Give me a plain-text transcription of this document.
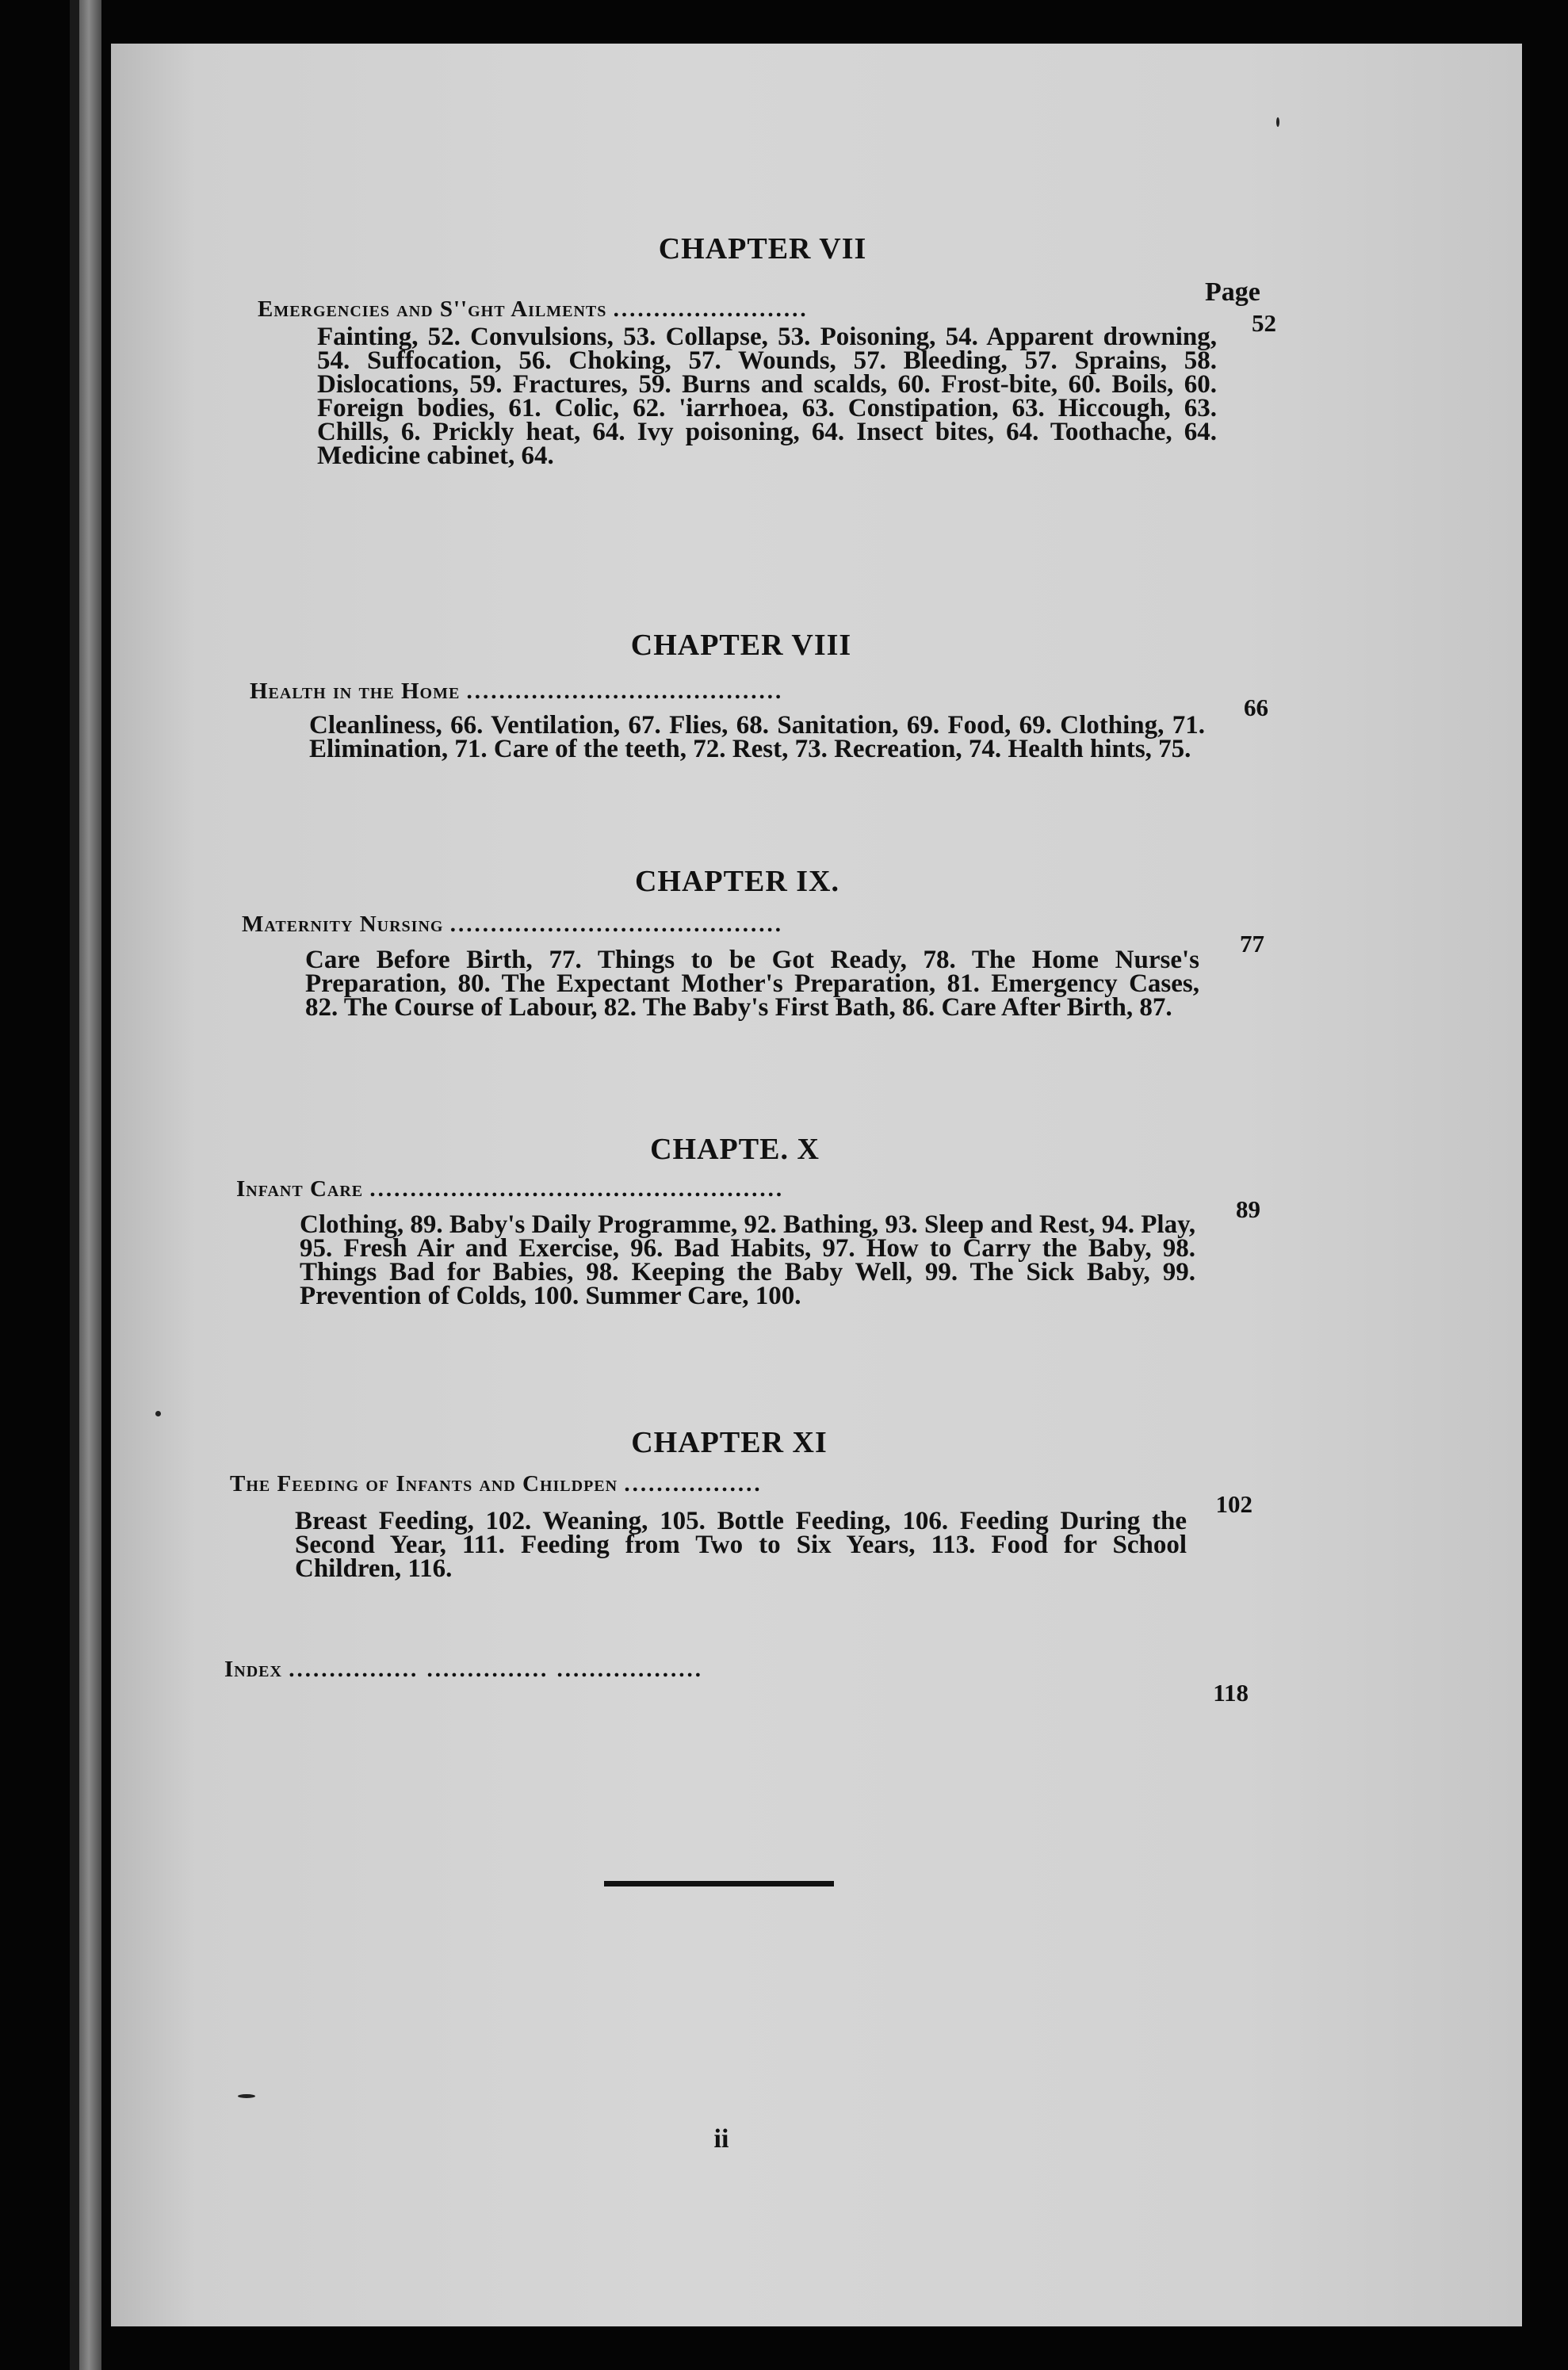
Page
CHAPTER VII
Emergencies and S''ght Ailments ........................	52
Fainting, 52. Convulsions, 53. Collapse, 53. Poisoning, 54. Apparent drowning, 54. Suffocation, 56. Choking, 57. Wounds, 57. Bleeding, 57. Sprains, 58. Dislocations, 59. Fractures, 59. Burns and scalds, 60. Frost-bite, 60. Boils, 60. Foreign bodies, 61. Colic, 62. 'iarrhoea, 63. Constipation, 63. Hiccough, 63. Chills, 6. Prickly heat, 64. Ivy poisoning, 64. Insect bites, 64. Toothache, 64. Medicine cabinet, 64.
CHAPTER VIII
Health in the Home .......................................
66
Cleanliness, 66. Ventilation, 67. Flies, 68. Sanitation, 69. Food, 69. Clothing, 71. Elimination, 71. Care of the teeth, 72. Rest, 73. Recreation, 74. Health hints, 75.
CHAPTER IX.
Maternity Nursing .........................................
77
Care Before Birth, 77. Things to be Got Ready, 78. The Home Nurse's Preparation, 80. The Expectant Mother's Preparation, 81. Emergency Cases, 82. The Course of Labour, 82. The Baby's First Bath, 86. Care After Birth, 87.
CHAPTE. X
Infant Care ...................................................
89
Clothing, 89. Baby's Daily Programme, 92. Bathing, 93. Sleep and Rest, 94. Play, 95. Fresh Air and Exercise, 96. Bad Habits, 97. How to Carry the Baby, 98. Things Bad for Babies, 98. Keeping the Baby Well, 99. The Sick Baby, 99. Prevention of Colds, 100. Summer Care, 100.
CHAPTER XI
The Feeding of Infants and Childpen .................
102
Breast Feeding, 102. Weaning, 105. Bottle Feeding, 106. Feeding During the Second Year, 111. Feeding from Two to Six Years, 113. Food for School Children, 116.
Index ................ ............... ..................
118
ii
